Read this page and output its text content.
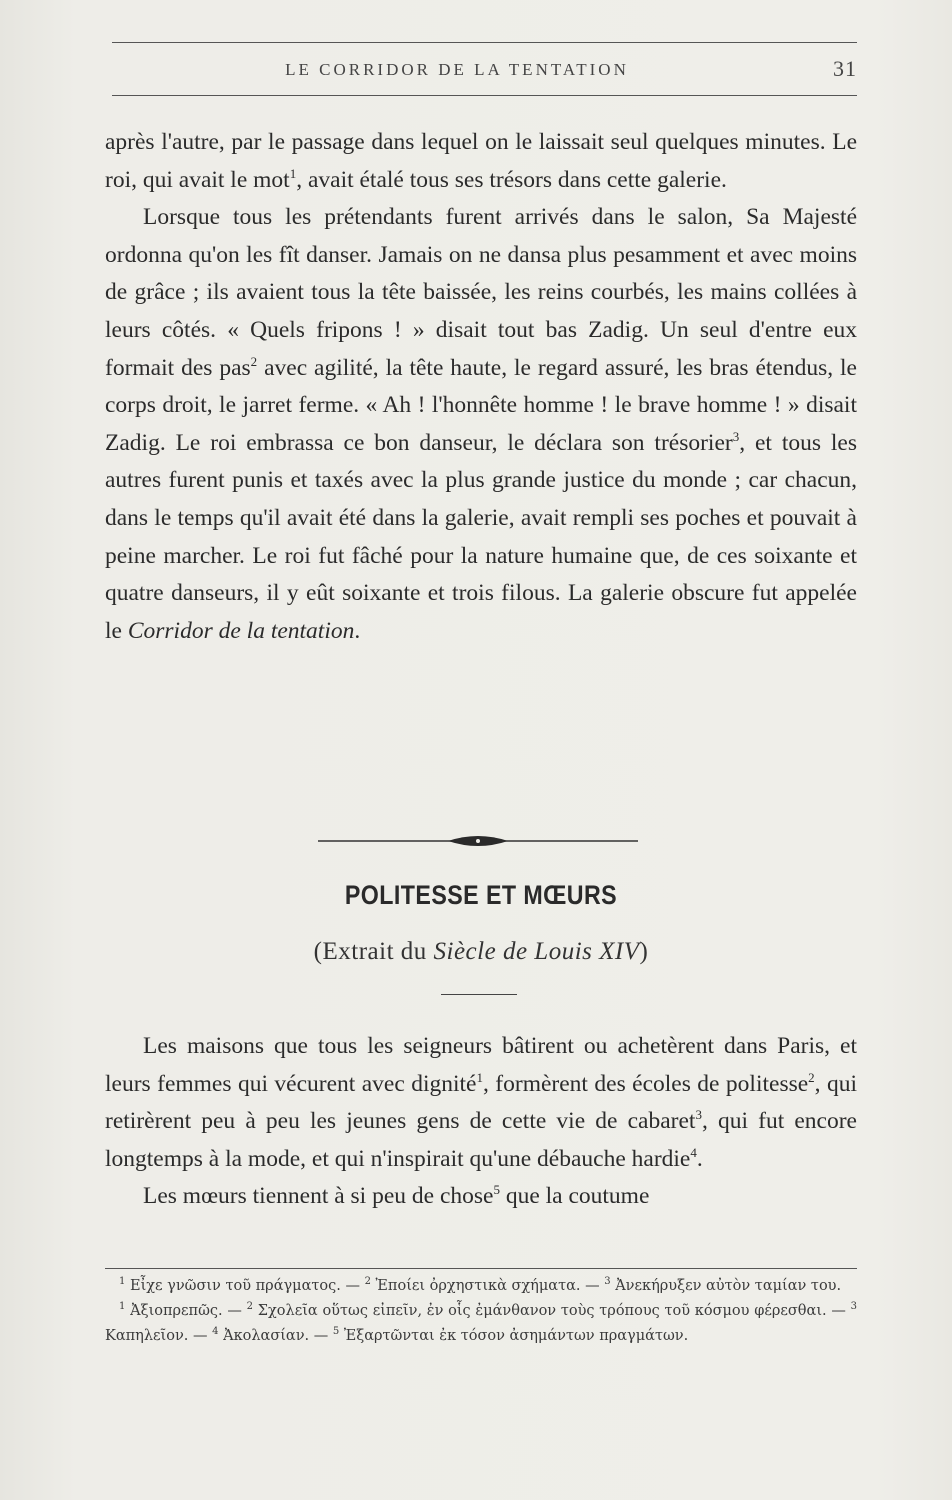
LE CORRIDOR DE LA TENTATION	31

après l'autre, par le passage dans lequel on le laissait seul quelques minutes. Le roi, qui avait le mot$^1$, avait étalé tous ses trésors dans cette galerie.

Lorsque tous les prétendants furent arrivés dans le salon, Sa Majesté ordonna qu'on les fît danser. Jamais on ne dansa plus pesamment et avec moins de grâce ; ils avaient tous la tête baissée, les reins courbés, les mains collées à leurs côtés. « Quels fripons ! » disait tout bas Zadig. Un seul d'entre eux formait des pas$^2$ avec agilité, la tête haute, le regard assuré, les bras étendus, le corps droit, le jarret ferme. « Ah ! l'honnête homme ! le brave homme ! » disait Zadig. Le roi embrassa ce bon danseur, le déclara son trésorier$^3$, et tous les autres furent punis et taxés avec la plus grande justice du monde ; car chacun, dans le temps qu'il avait été dans la galerie, avait rempli ses poches et pouvait à peine marcher. Le roi fut fâché pour la nature humaine que, de ces soixante et quatre danseurs, il y eût soixante et trois filous. La galerie obscure fut appelée le Corridor de la tentation.

POLITESSE ET MŒURS
(Extrait du Siècle de Louis XIV)

Les maisons que tous les seigneurs bâtirent ou achetèrent dans Paris, et leurs femmes qui vécurent avec dignité$^1$, formèrent des écoles de politesse$^2$, qui retirèrent peu à peu les jeunes gens de cette vie de cabaret$^3$, qui fut encore longtemps à la mode, et qui n'inspirait qu'une débauche hardie$^4$.

Les mœurs tiennent à si peu de chose$^5$ que la coutume

$^1$ Εἶχε γνῶσιν τοῦ πράγματος. — $^2$ Ἐποίει ὀρχηστικὰ σχήματα. — $^3$ Ἀνεκήρυξεν αὐτὸν ταμίαν του.

$^1$ Ἀξιοπρεπῶς. — $^2$ Σχολεῖα οὕτως εἰπεῖν, ἐν οἷς ἐμάνθανον τοὺς τρόπους τοῦ κόσμου φέρεσθαι. — $^3$ Καπηλεῖον. — $^4$ Ἀκολασίαν. — $^5$ Ἐξαρτῶνται ἐκ τόσον ἀσημάντων πραγμάτων.
